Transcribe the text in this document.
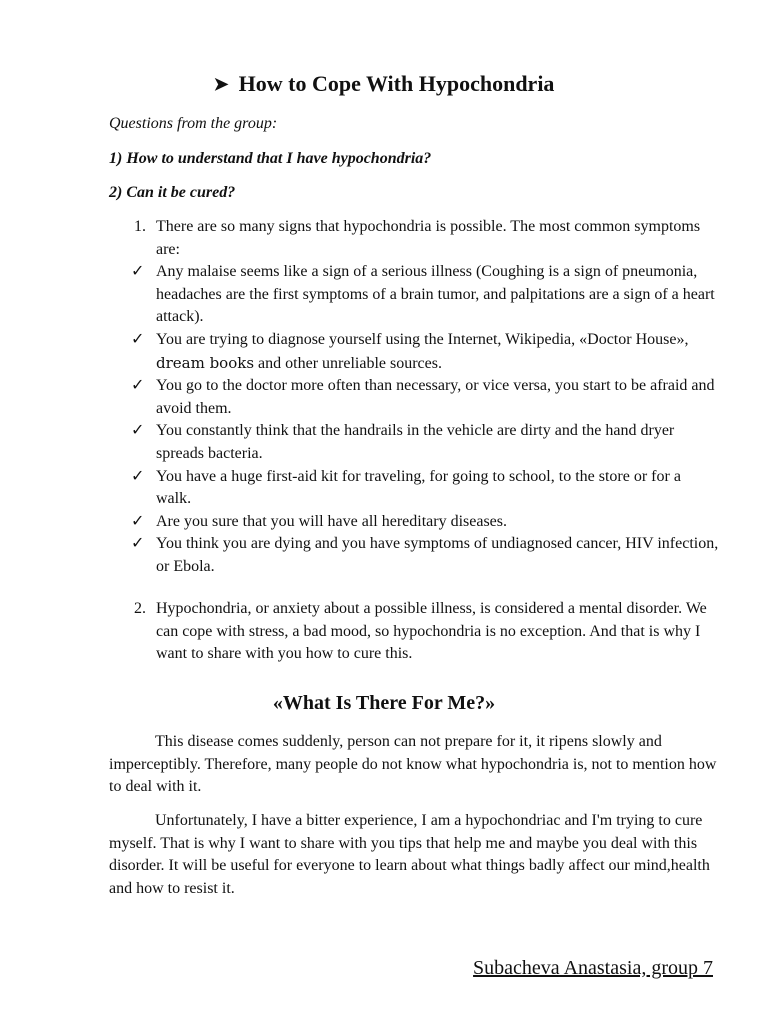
➤ How to Cope With Hypochondria
Questions from the group:
1) How to understand that I have hypochondria?
2) Can it be cured?
1. There are so many signs that hypochondria is possible. The most common symptoms are:
✓ Any malaise seems like a sign of a serious illness (Coughing is a sign of pneumonia, headaches are the first symptoms of a brain tumor, and palpitations are a sign of a heart attack).
✓ You are trying to diagnose yourself using the Internet, Wikipedia, «Doctor House», dream books and other unreliable sources.
✓ You go to the doctor more often than necessary, or vice versa, you start to be afraid and avoid them.
✓ You constantly think that the handrails in the vehicle are dirty and the hand dryer spreads bacteria.
✓ You have a huge first-aid kit for traveling, for going to school, to the store or for a walk.
✓ Are you sure that you will have all hereditary diseases.
✓ You think you are dying and you have symptoms of undiagnosed cancer, HIV infection, or Ebola.
2. Hypochondria, or anxiety about a possible illness, is considered a mental disorder. We can cope with stress, a bad mood, so hypochondria is no exception. And that is why I want to share with you how to cure this.
«What Is There For Me?»
This disease comes suddenly, person can not prepare for it, it ripens slowly and imperceptibly. Therefore, many people do not know what hypochondria is, not to mention how to deal with it.
Unfortunately, I have a bitter experience, I am a hypochondriac and I'm trying to cure myself. That is why I want to share with you tips that help me and maybe you deal with this disorder. It will be useful for everyone to learn about what things badly affect our mind,health and how to resist it.
Subacheva Anastasia, group 7
